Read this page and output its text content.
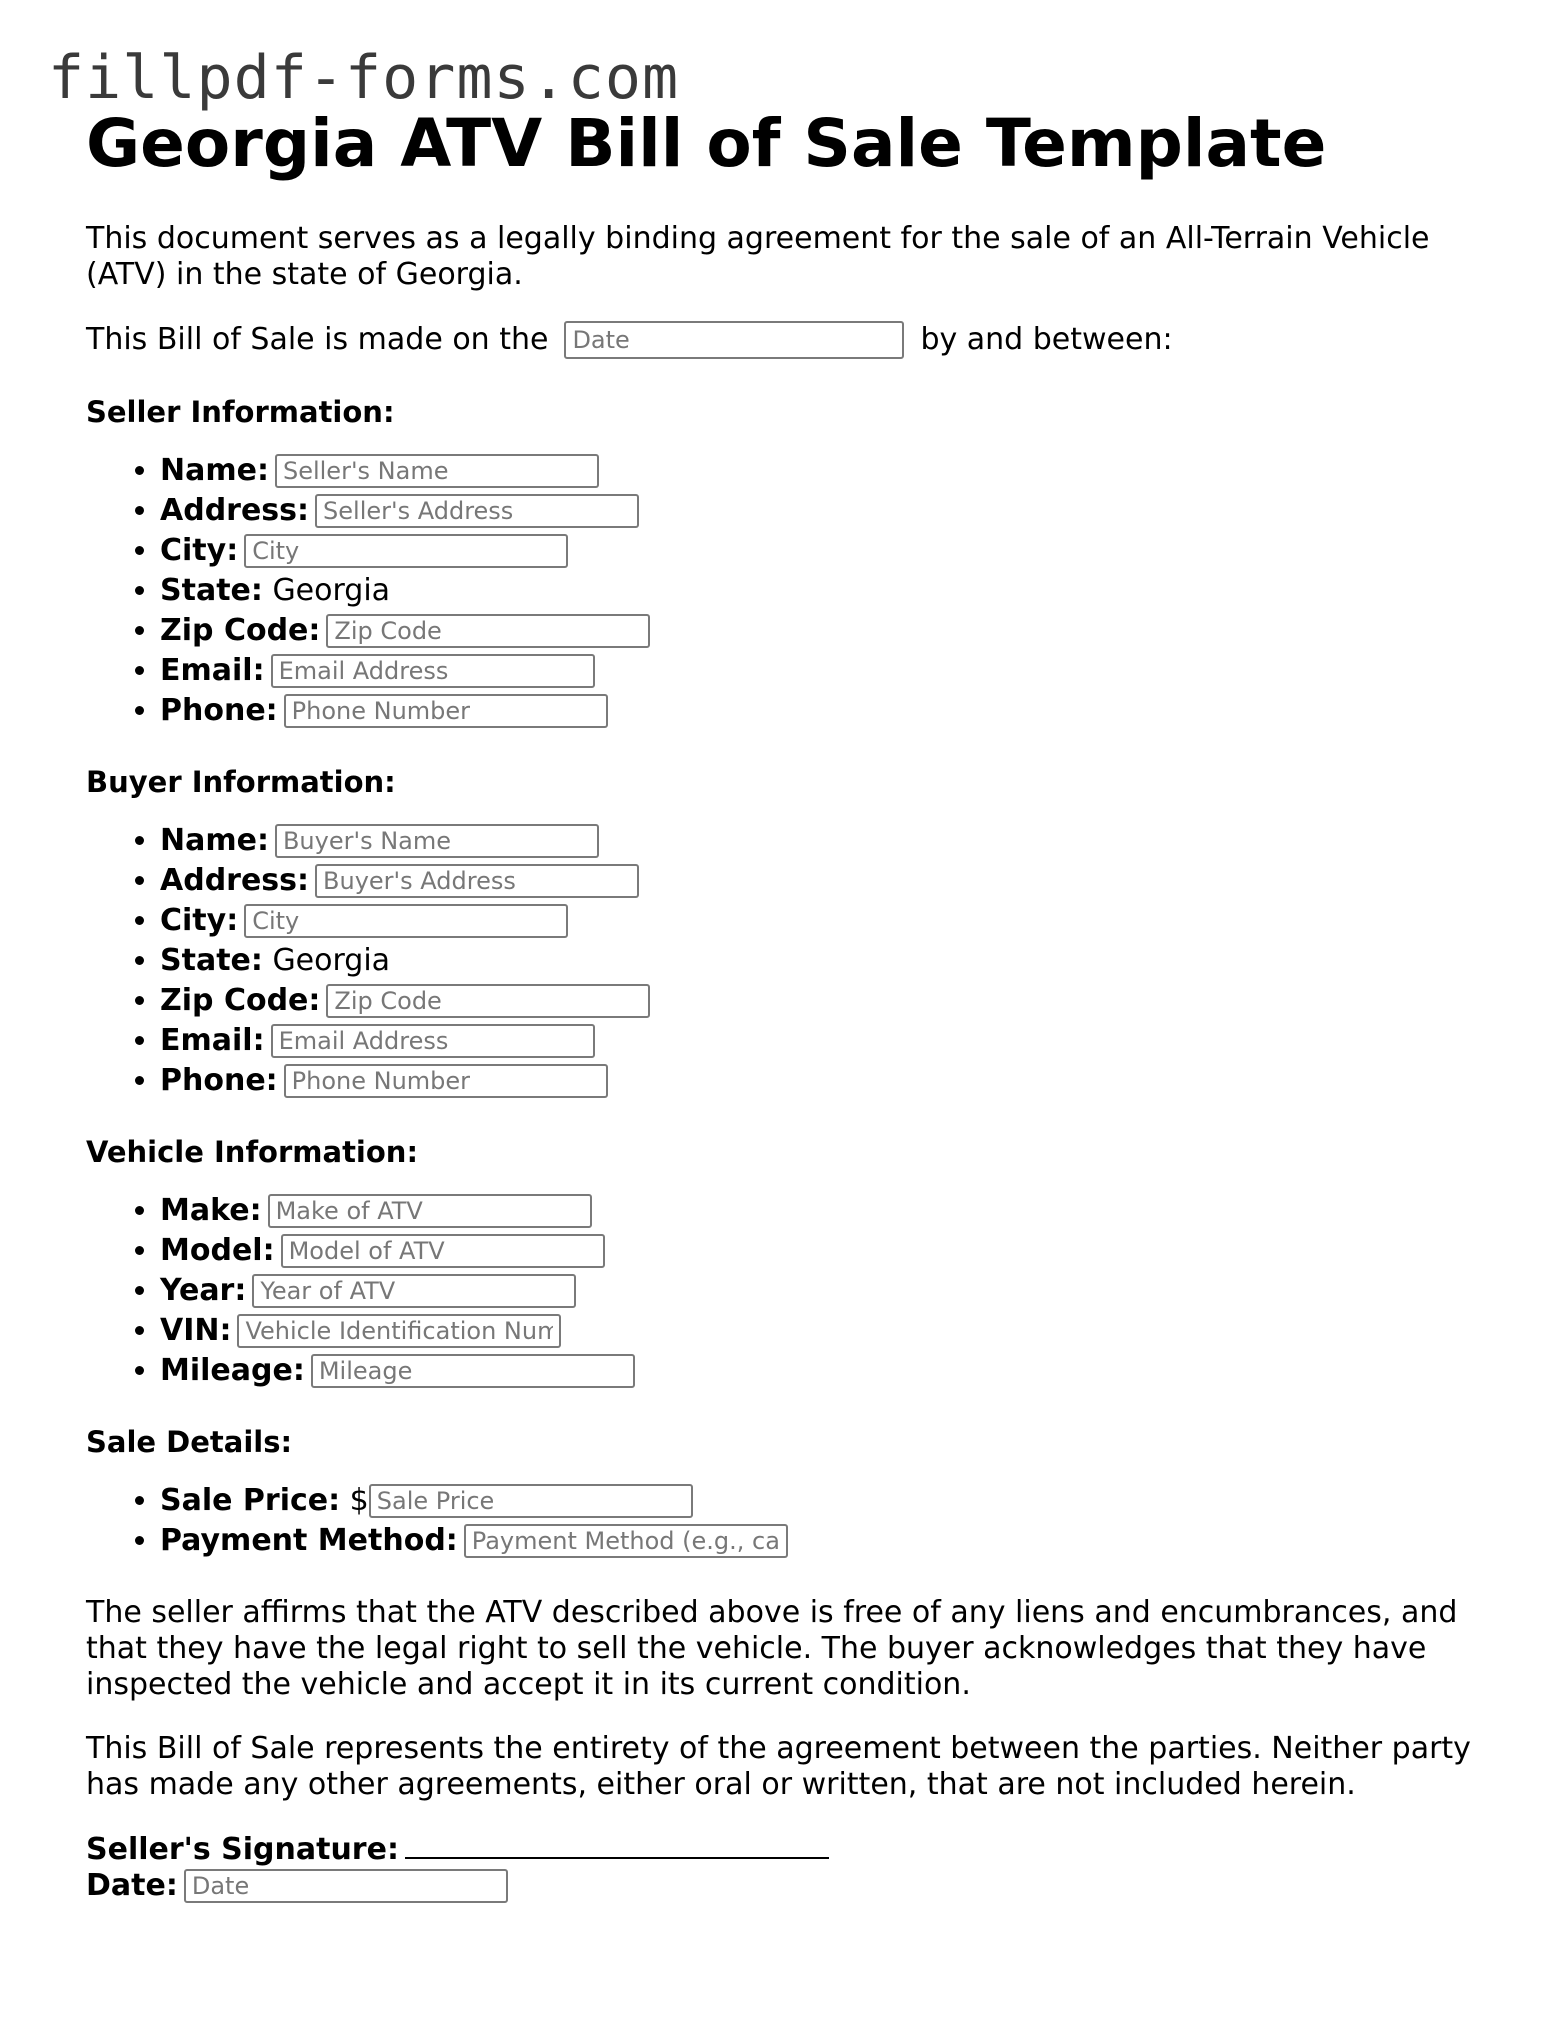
fillpdf-forms.com
Georgia ATV Bill of Sale Template

This document serves as a legally binding agreement for the sale of an All-Terrain Vehicle (ATV) in the state of Georgia.

This Bill of Sale is made on the
Date	by and between:
Seller Information:
• Name:Seller's Name
• Address:Seller's Address
• City:City
• State: Georgia
• Zip Code:Zip Code
• Email:Email Address
• Phone:Phone Number
Buyer Information:
• Name:Buyer's Name
• Address:Buyer's Address
• City:City
• State: Georgia
• Zip Code:Zip Code
• Email:Email Address
• Phone:Phone Number
Vehicle Information:
• Make:Make of ATV
• Model:Model of ATV
• Year:Year of ATV
• VIN:Vehicle Identification Num
• Mileage:Mileage
Sale Details:
• Sale Price: $Sale Price
• Payment Method:Payment Method (e.g., cas

The seller affirms that the ATV described above is free of any liens and encumbrances, and that they have the legal right to sell the vehicle. The buyer acknowledges that they have inspected the vehicle and accept it in its current condition.

This Bill of Sale represents the entirety of the agreement between the parties. Neither party has made any other agreements, either oral or written, that are not included herein.

Seller's Signature:
Date:Date
